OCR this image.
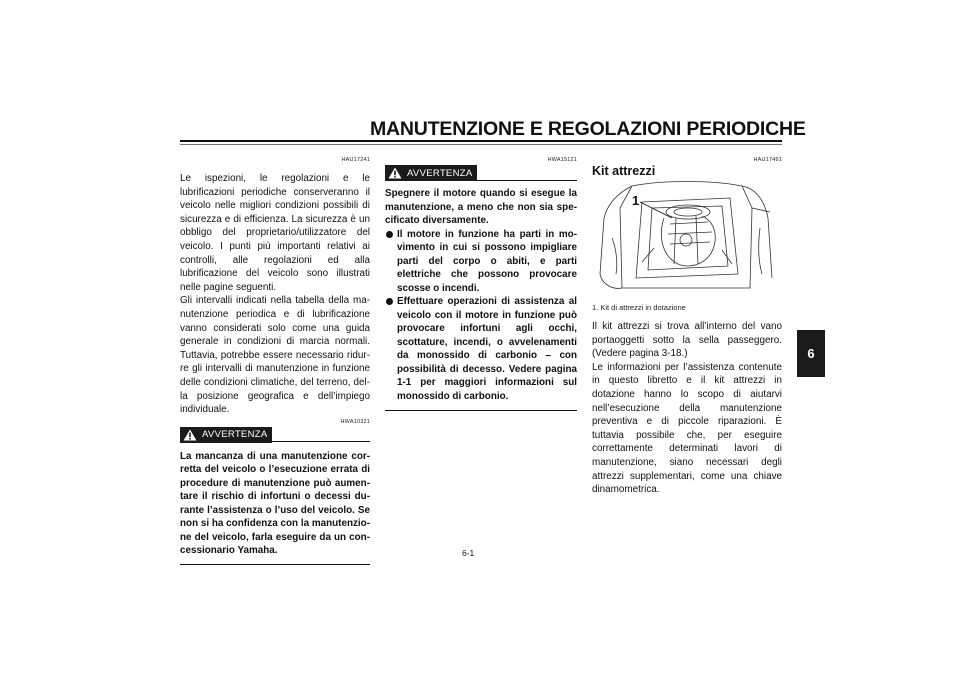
MANUTENZIONE E REGOLAZIONI PERIODICHE
6
HAU17241
Le ispezioni, le regolazioni e le lubrificazioni periodiche conserveranno il veicolo nelle migliori condizioni possibili di sicurezza e di efficienza. La sicurezza è un obbligo del proprietario/utilizzatore del veicolo. I punti più importanti relativi ai controlli, alle regolazioni ed alla lubrificazione del veicolo sono illustrati nelle pagine seguenti.
Gli intervalli indicati nella tabella della manutenzione periodica e di lubrificazione vanno considerati solo come una guida generale in condizioni di marcia normali. Tuttavia, potrebbe essere necessario ridurre gli intervalli di manutenzione in funzione delle condizioni climatiche, del terreno, della posizione geografica e dell’impiego individuale.
HWA10321
AVVERTENZA
La mancanza di una manutenzione corretta del veicolo o l’esecuzione errata di procedure di manutenzione può aumentare il rischio di infortuni o decessi durante l’assistenza o l’uso del veicolo. Se non si ha confidenza con la manutenzione del veicolo, farla eseguire da un concessionario Yamaha.
HWA15121
AVVERTENZA
Spegnere il motore quando si esegue la manutenzione, a meno che non sia specificato diversamente.
Il motore in funzione ha parti in movimento in cui si possono impigliare parti del corpo o abiti, e parti elettriche che possono provocare scosse o incendi.
Effettuare operazioni di assistenza al veicolo con il motore in funzione può provocare infortuni agli occhi, scottature, incendi, o avvelenamenti da monossido di carbonio – con possibilità di decesso. Vedere pagina 1-1 per maggiori informazioni sul monossido di carbonio.
HAU17491
Kit attrezzi
1
1. Kit di attrezzi in dotazione
Il kit attrezzi si trova all’interno del vano portaoggetti sotto la sella passeggero. (Vedere pagina 3-18.)
Le informazioni per l’assistenza contenute in questo libretto e il kit attrezzi in dotazione hanno lo scopo di aiutarvi nell’esecuzione della manutenzione preventiva e di piccole riparazioni. È tuttavia possibile che, per eseguire correttamente determinati lavori di manutenzione, siano necessari degli attrezzi supplementari, come una chiave dinamometrica.
6-1
